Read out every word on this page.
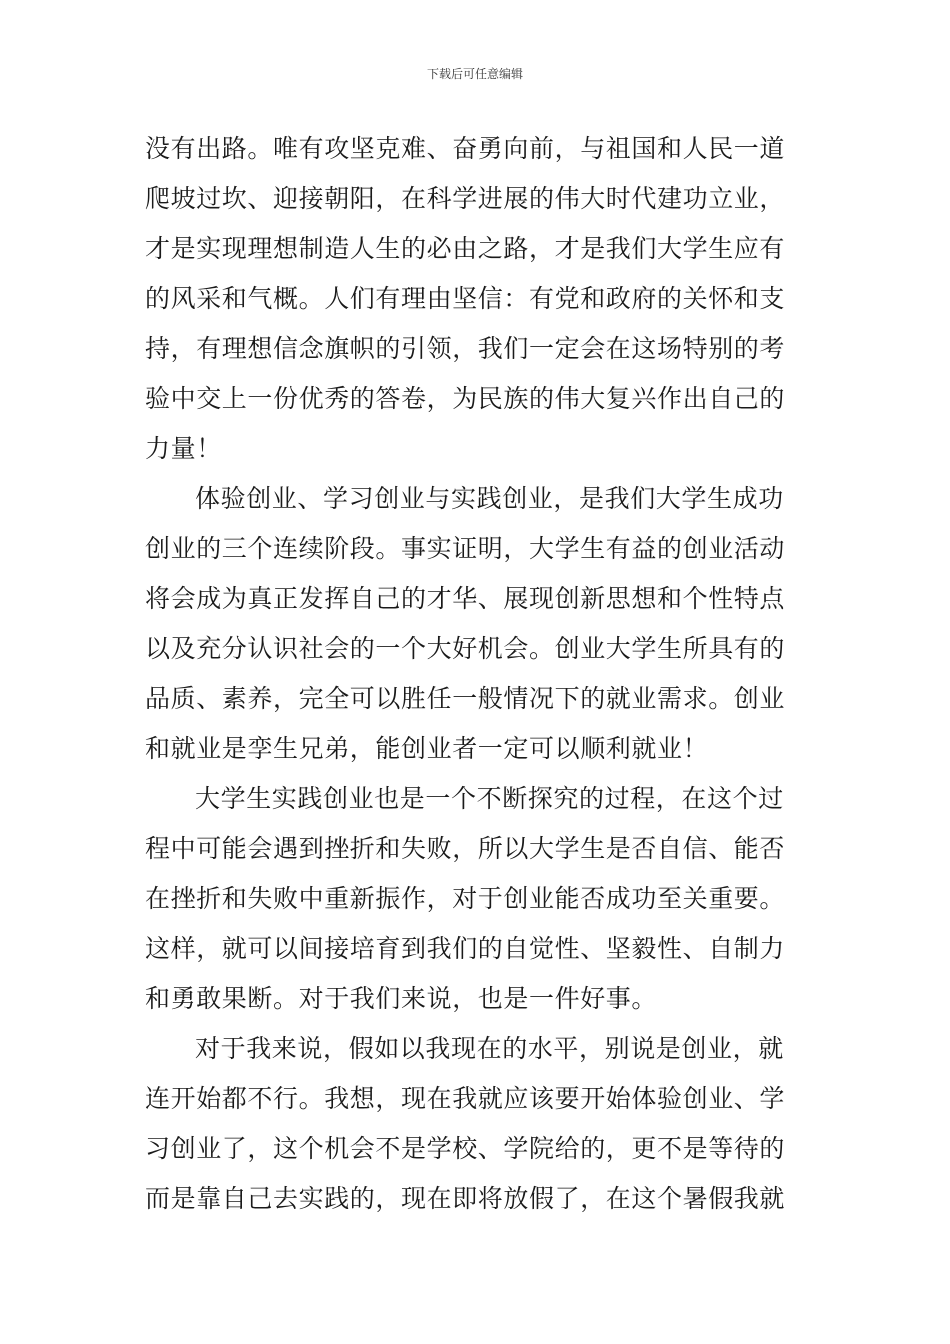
下载后可任意编辑
没有出路。唯有攻坚克难、奋勇向前，与祖国和人民一道
爬坡过坎、迎接朝阳，在科学进展的伟大时代建功立业，
才是实现理想制造人生的必由之路，才是我们大学生应有
的风采和气概。人们有理由坚信：有党和政府的关怀和支
持，有理想信念旗帜的引领，我们一定会在这场特别的考
验中交上一份优秀的答卷，为民族的伟大复兴作出自己的
力量！
体验创业、学习创业与实践创业，是我们大学生成功
创业的三个连续阶段。事实证明，大学生有益的创业活动
将会成为真正发挥自己的才华、展现创新思想和个性特点
以及充分认识社会的一个大好机会。创业大学生所具有的
品质、素养，完全可以胜任一般情况下的就业需求。创业
和就业是孪生兄弟，能创业者一定可以顺利就业！
大学生实践创业也是一个不断探究的过程，在这个过
程中可能会遇到挫折和失败，所以大学生是否自信、能否
在挫折和失败中重新振作，对于创业能否成功至关重要。
这样，就可以间接培育到我们的自觉性、坚毅性、自制力
和勇敢果断。对于我们来说，也是一件好事。
对于我来说，假如以我现在的水平，别说是创业，就
连开始都不行。我想，现在我就应该要开始体验创业、学
习创业了，这个机会不是学校、学院给的，更不是等待的
而是靠自己去实践的，现在即将放假了，在这个暑假我就
